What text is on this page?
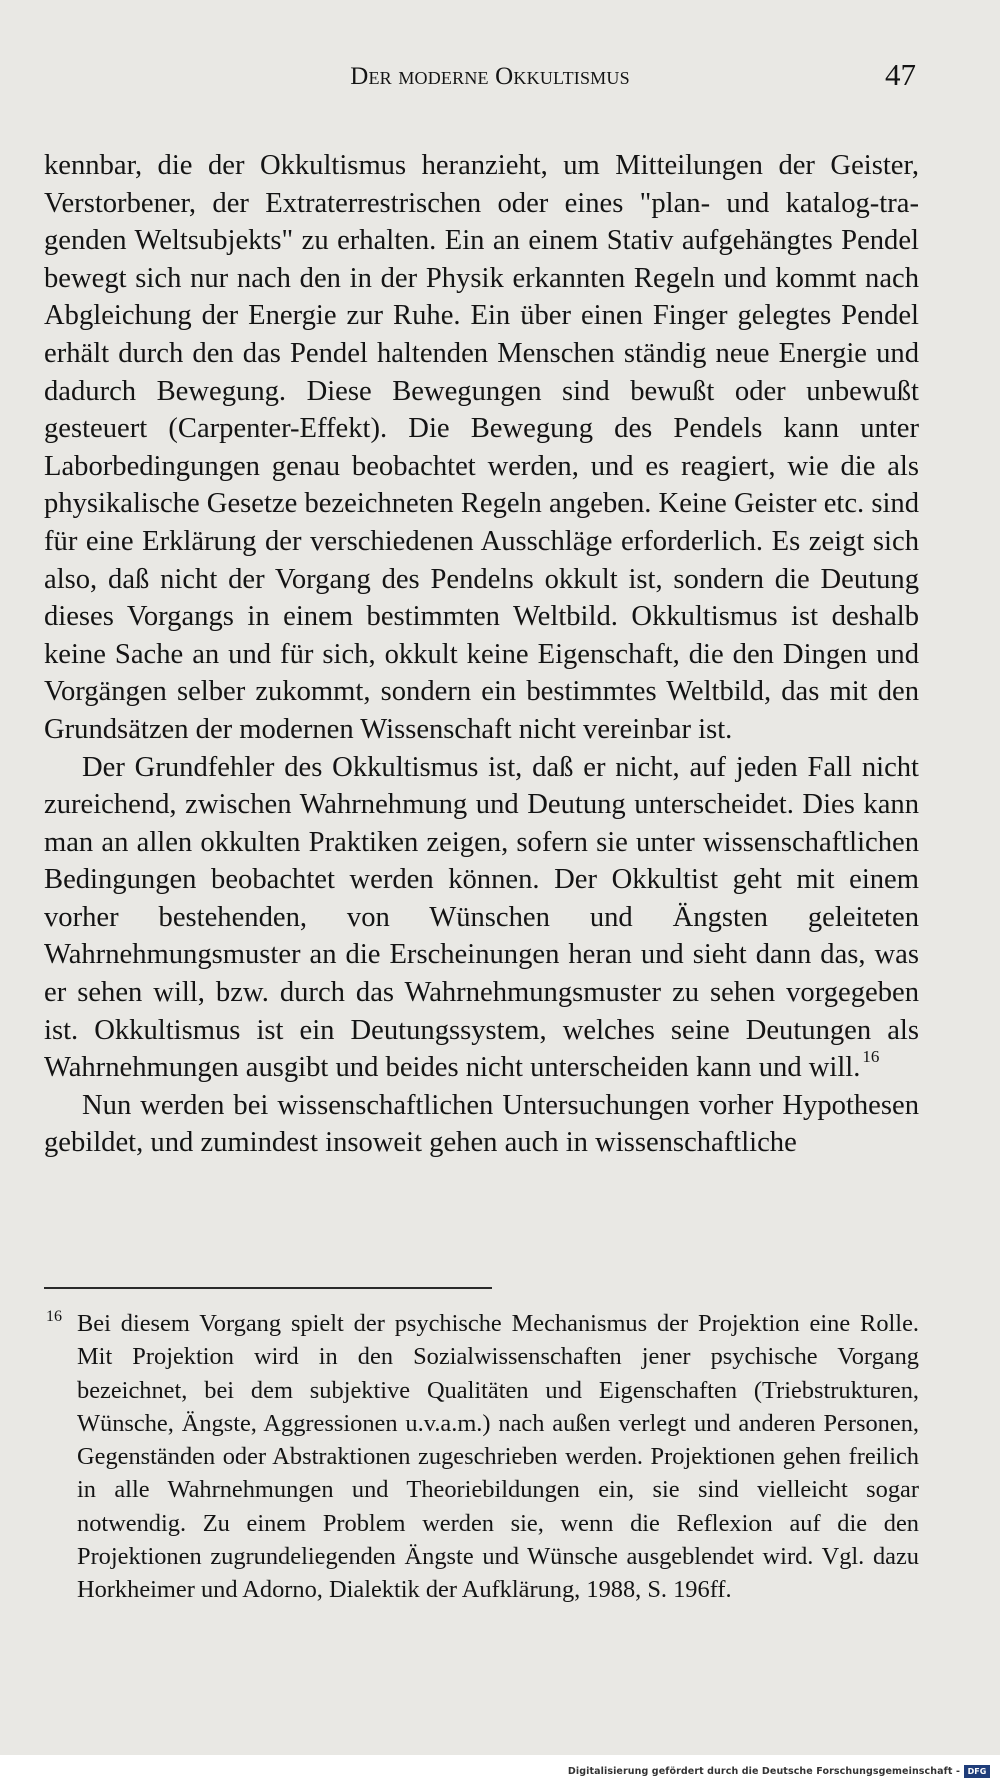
Der moderne Okkultismus	47

kennbar, die der Okkultismus heranzieht, um Mitteilungen der Geister, Verstorbener, der Extraterrestrischen oder eines "plan- und katalog-tragenden Weltsubjekts" zu erhalten. Ein an einem Stativ aufgehängtes Pendel bewegt sich nur nach den in der Physik erkannten Regeln und kommt nach Abgleichung der Energie zur Ruhe. Ein über einen Finger gelegtes Pendel erhält durch den das Pendel haltenden Menschen ständig neue Energie und dadurch Bewegung. Diese Bewegungen sind bewußt oder unbewußt gesteuert (Carpenter-Effekt). Die Bewegung des Pendels kann unter Laborbedingungen genau beobachtet werden, und es reagiert, wie die als physikalische Gesetze bezeichneten Regeln angeben. Keine Geister etc. sind für eine Erklärung der verschiedenen Ausschläge erforderlich. Es zeigt sich also, daß nicht der Vorgang des Pendelns okkult ist, sondern die Deutung dieses Vorgangs in einem bestimmten Weltbild. Okkultismus ist deshalb keine Sache an und für sich, okkult keine Eigenschaft, die den Dingen und Vorgängen selber zukommt, sondern ein bestimmtes Weltbild, das mit den Grundsätzen der modernen Wissenschaft nicht vereinbar ist.

Der Grundfehler des Okkultismus ist, daß er nicht, auf jeden Fall nicht zureichend, zwischen Wahrnehmung und Deutung unterscheidet. Dies kann man an allen okkulten Praktiken zeigen, sofern sie unter wissenschaftlichen Bedingungen beobachtet werden können. Der Okkultist geht mit einem vorher bestehenden, von Wünschen und Ängsten geleiteten Wahrnehmungsmuster an die Erscheinungen heran und sieht dann das, was er sehen will, bzw. durch das Wahrnehmungsmuster zu sehen vorgegeben ist. Okkultismus ist ein Deutungssystem, welches seine Deutungen als Wahrnehmungen ausgibt und beides nicht unterscheiden kann und will. $^{16}$

Nun werden bei wissenschaftlichen Untersuchungen vorher Hypothesen gebildet, und zumindest insoweit gehen auch in wissenschaftliche

16 Bei diesem Vorgang spielt der psychische Mechanismus der Projektion eine Rolle. Mit Projektion wird in den Sozialwissenschaften jener psychische Vorgang bezeichnet, bei dem subjektive Qualitäten und Eigenschaften (Triebstrukturen, Wünsche, Ängste, Aggressionen u.v.a.m.) nach außen verlegt und anderen Personen, Gegenständen oder Abstraktionen zugeschrieben werden. Projektionen gehen freilich in alle Wahrnehmungen und Theoriebildungen ein, sie sind vielleicht sogar notwendig. Zu einem Problem werden sie, wenn die Reflexion auf die den Projektionen zugrundeliegenden Ängste und Wünsche ausgeblendet wird. Vgl. dazu Horkheimer und Adorno, Dialektik der Aufklärung, 1988, S. 196ff.

Digitalisierung gefördert durch die Deutsche Forschungsgemeinschaft - DFG
